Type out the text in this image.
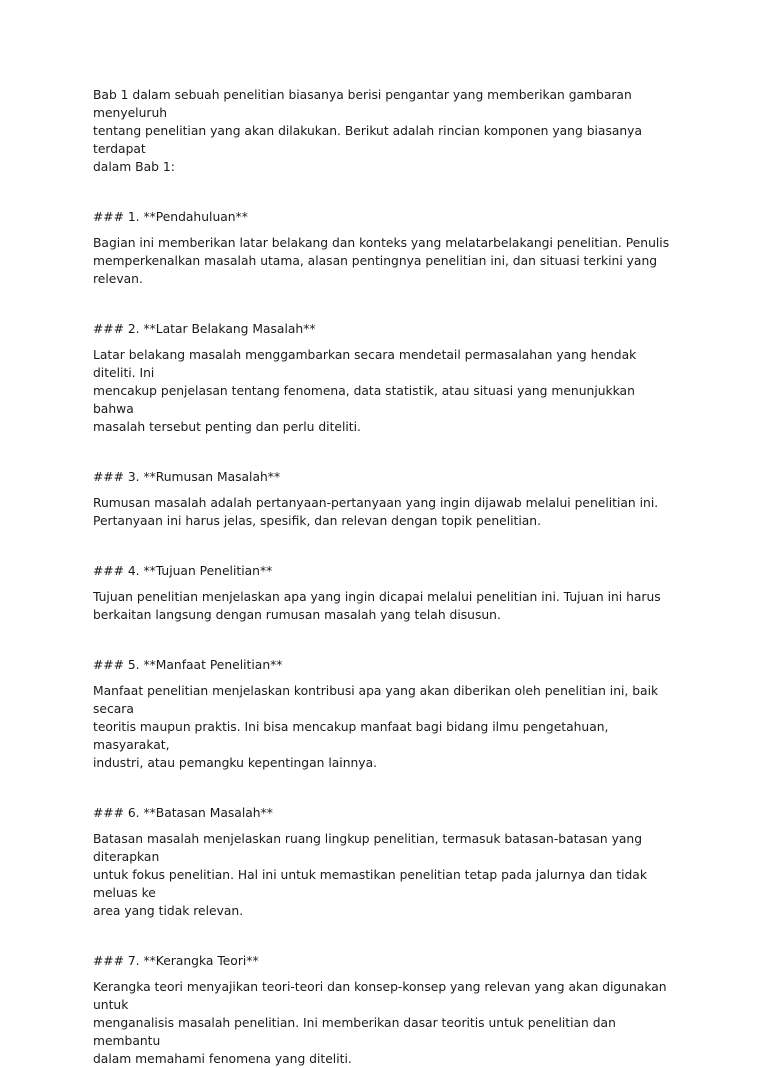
Bab 1 dalam sebuah penelitian biasanya berisi pengantar yang memberikan gambaran menyeluruh
tentang penelitian yang akan dilakukan. Berikut adalah rincian komponen yang biasanya terdapat
dalam Bab 1:

### 1. **Pendahuluan**

Bagian ini memberikan latar belakang dan konteks yang melatarbelakangi penelitian. Penulis
memperkenalkan masalah utama, alasan pentingnya penelitian ini, dan situasi terkini yang relevan.

### 2. **Latar Belakang Masalah**

Latar belakang masalah menggambarkan secara mendetail permasalahan yang hendak diteliti. Ini
mencakup penjelasan tentang fenomena, data statistik, atau situasi yang menunjukkan bahwa
masalah tersebut penting dan perlu diteliti.

### 3. **Rumusan Masalah**

Rumusan masalah adalah pertanyaan-pertanyaan yang ingin dijawab melalui penelitian ini.
Pertanyaan ini harus jelas, spesifik, dan relevan dengan topik penelitian.

### 4. **Tujuan Penelitian**

Tujuan penelitian menjelaskan apa yang ingin dicapai melalui penelitian ini. Tujuan ini harus
berkaitan langsung dengan rumusan masalah yang telah disusun.

### 5. **Manfaat Penelitian**

Manfaat penelitian menjelaskan kontribusi apa yang akan diberikan oleh penelitian ini, baik secara
teoritis maupun praktis. Ini bisa mencakup manfaat bagi bidang ilmu pengetahuan, masyarakat,
industri, atau pemangku kepentingan lainnya.

### 6. **Batasan Masalah**

Batasan masalah menjelaskan ruang lingkup penelitian, termasuk batasan-batasan yang diterapkan
untuk fokus penelitian. Hal ini untuk memastikan penelitian tetap pada jalurnya dan tidak meluas ke
area yang tidak relevan.

### 7. **Kerangka Teori**

Kerangka teori menyajikan teori-teori dan konsep-konsep yang relevan yang akan digunakan untuk
menganalisis masalah penelitian. Ini memberikan dasar teoritis untuk penelitian dan membantu
dalam memahami fenomena yang diteliti.
